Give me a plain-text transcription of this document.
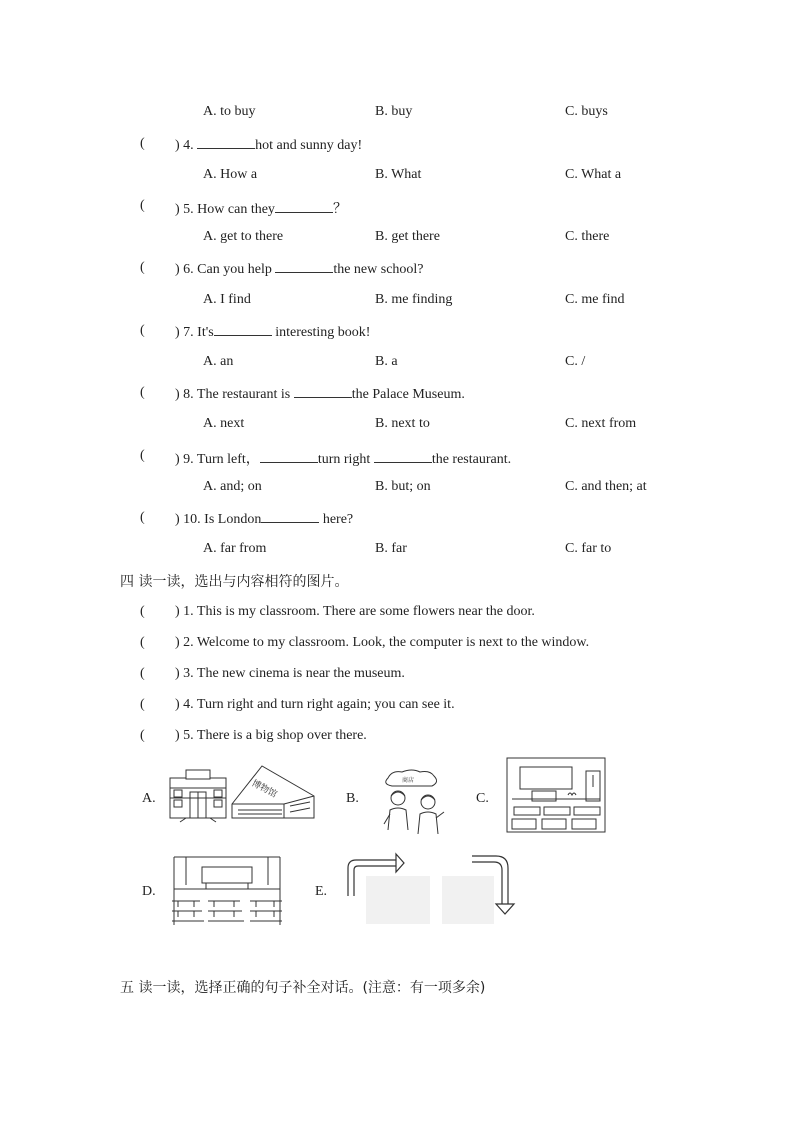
A. to buy	B. buy	C. buys
( ) 4.	hot and sunny day!
A. How a	B. What	C. What a
( ) 5. How can they	？
A. get to there	B. get there	C. there
( ) 6. Can you help	the new school?
A. I find	B. me finding	C. me find
( ) 7. It's	interesting book!
A. an	B. a	C. /
( ) 8. The restaurant is	the Palace Museum.
A. next	B. next to	C. next from
( ) 9. Turn left，	turn right	the restaurant.
A. and; on	B. but; on	C. and then; at
( ) 10. Is London	here?
A. far from	B. far	C. far to
四 读一读，选出与内容相符的图片。
( ) 1. This is my classroom. There are some flowers near the door.
( ) 2. Welcome to my classroom. Look, the computer is next to the window.
( ) 3. The new cinema is near the museum.
( ) 4. Turn right and turn right again; you can see it.
( ) 5. There is a big shop over there.
A.	B.	C.
D.	E.
博物馆	商店
五 读一读，选择正确的句子补全对话。(注意：有一项多余)
